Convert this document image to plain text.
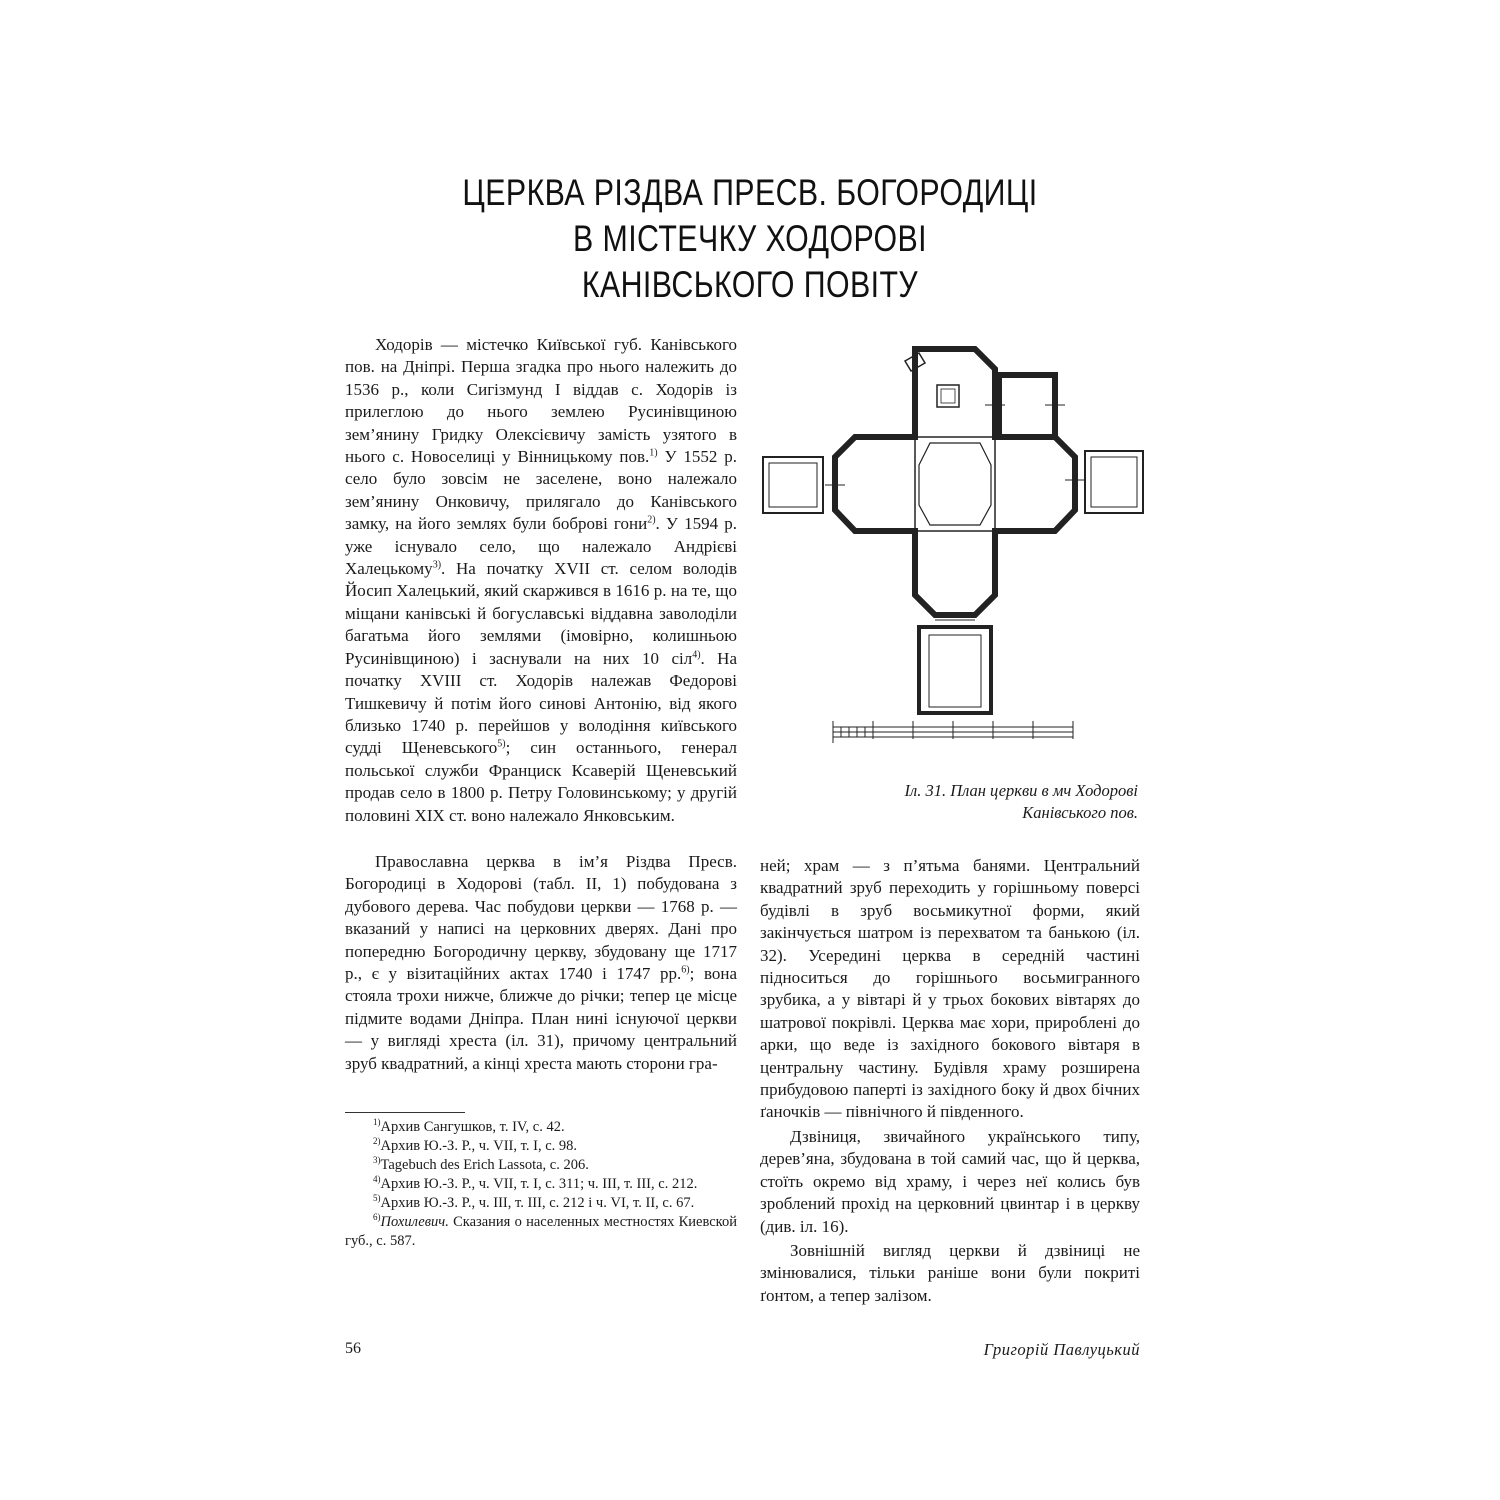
ЦЕРКВА РІЗДВА ПРЕСВ. БОГОРОДИЦІ
В МІСТЕЧКУ ХОДОРОВІ
КАНІВСЬКОГО ПОВІТУ

Ходорів — містечко Київської губ. Канівського пов. на Дніпрі. Перша згадка про нього належить до 1536 р., коли Сигізмунд I віддав с. Ходорів із прилеглою до нього землею Русинівщиною зем’янину Гридку Олексієвичу замість узятого в нього с. Новоселиці у Вінницькому пов.$^{1)}$ У 1552 р. село було зовсім не заселене, воно належало зем’янину Онковичу, прилягало до Канівського замку, на його землях були боброві гони$^{2)}$. У 1594 р. уже існувало село, що належало Андрієві Халецькому$^{3)}$. На початку XVII ст. селом володів Йосип Халецький, який скаржився в 1616 р. на те, що міщани канівські й богуславські віддавна заволоділи багатьма його землями (імовірно, колишньою Русинівщиною) і заснували на них 10 сіл$^{4)}$. На початку XVIII ст. Ходорів належав Федорові Тишкевичу й потім його синові Антонію, від якого близько 1740 р. перейшов у володіння київського судді Щеневського$^{5)}$; син останнього, генерал польської служби Франциск Ксаверій Щеневський продав село в 1800 р. Петру Головинському; у другій половині XIX ст. воно належало Янковським.

Православна церква в ім’я Різдва Пресв. Богородиці в Ходорові (табл. II, 1) побудована з дубового дерева. Час побудови церкви — 1768 р. — вказаний у написі на церковних дверях. Дані про попередню Богородичну церкву, збудовану ще 1717 р., є у візитаційних актах 1740 і 1747 рр.$^{6)}$; вона стояла трохи нижче, ближче до річки; тепер це місце підмите водами Дніпра. План нині існуючої церкви — у вигляді хреста (іл. 31), причому центральний зруб квадратний, а кінці хреста мають сторони гра-

ней; храм — з п’ятьма банями. Центральний квадратний зруб переходить у горішньому поверсі будівлі в зруб восьмикутної форми, який закінчується шатром із перехватом та банькою (іл. 32). Усередині церква в середній частині підноситься до горішнього восьмигранного зрубика, а у вівтарі й у трьох бокових вівтарях до шатрової покрівлі. Церква має хори, приробленi до арки, що веде із західного бокового вівтаря в центральну частину. Будівля храму розширена прибудовою паперті із західного боку й двох бічних ґаночків — північного й південного.

Дзвіниця, звичайного українського типу, дерев’яна, збудована в той самий час, що й церква, стоїть окремо від храму, і через неї колись був зроблений прохід на церковний цвинтар і в церкву (див. іл. 16).

Зовнішній вигляд церкви й дзвіниці не змінювалися, тільки раніше вони були покриті ґонтом, а тепер залізом.

Іл. 31. План церкви в мч Ходорові
Канівського пов.
$^{1)}$Архив Сангушков, т. IV, с. 42.
$^{2)}$Архив Ю.-З. Р., ч. VII, т. I, с. 98.
$^{3)}$Tagebuch des Erich Lassota, c. 206.
$^{4)}$Архив Ю.-З. Р., ч. VII, т. I, с. 311; ч. III, т. III, с. 212.
$^{5)}$Архив Ю.-З. Р., ч. III, т. III, с. 212 і ч. VI, т. II, с. 67.
$^{6)}$Похилевич. Сказания о населенных местностях Киевской губ., с. 587.
56	Григорій Павлуцький
